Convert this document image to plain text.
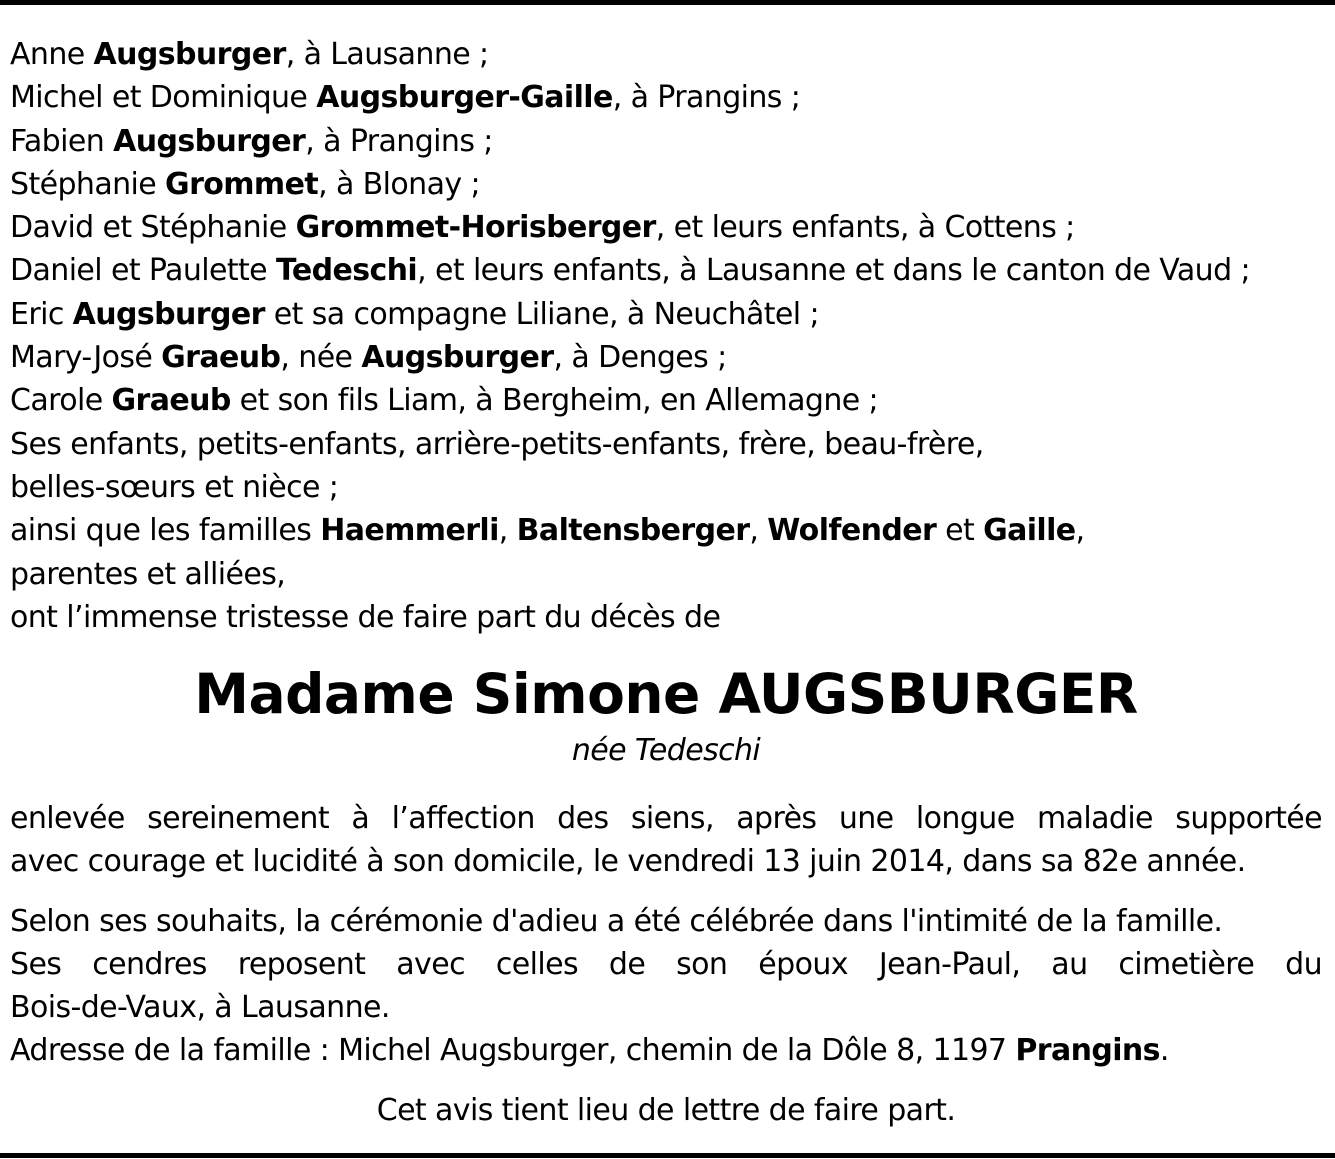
Anne Augsburger, à Lausanne ;
Michel et Dominique Augsburger-Gaille, à Prangins ;
Fabien Augsburger, à Prangins ;
Stéphanie Grommet, à Blonay ;
David et Stéphanie Grommet-Horisberger, et leurs enfants, à Cottens ;
Daniel et Paulette Tedeschi, et leurs enfants, à Lausanne et dans le canton de Vaud ;
Eric Augsburger et sa compagne Liliane, à Neuchâtel ;
Mary-José Graeub, née Augsburger, à Denges ;
Carole Graeub et son fils Liam, à Bergheim, en Allemagne ;
Ses enfants, petits-enfants, arrière-petits-enfants, frère, beau-frère,
belles-sœurs et nièce ;
ainsi que les familles Haemmerli, Baltensberger, Wolfender et Gaille,
parentes et alliées,
ont l’immense tristesse de faire part du décès de
Madame Simone AUGSBURGER
née Tedeschi
enlevée sereinement à l’affection des siens, après une longue maladie supportée
avec courage et lucidité à son domicile, le vendredi 13 juin 2014, dans sa 82e année.
Selon ses souhaits, la cérémonie d'adieu a été célébrée dans l'intimité de la famille.
Ses cendres reposent avec celles de son époux Jean-Paul, au cimetière du
Bois-de-Vaux, à Lausanne.
Adresse de la famille : Michel Augsburger, chemin de la Dôle 8, 1197 Prangins.
Cet avis tient lieu de lettre de faire part.
